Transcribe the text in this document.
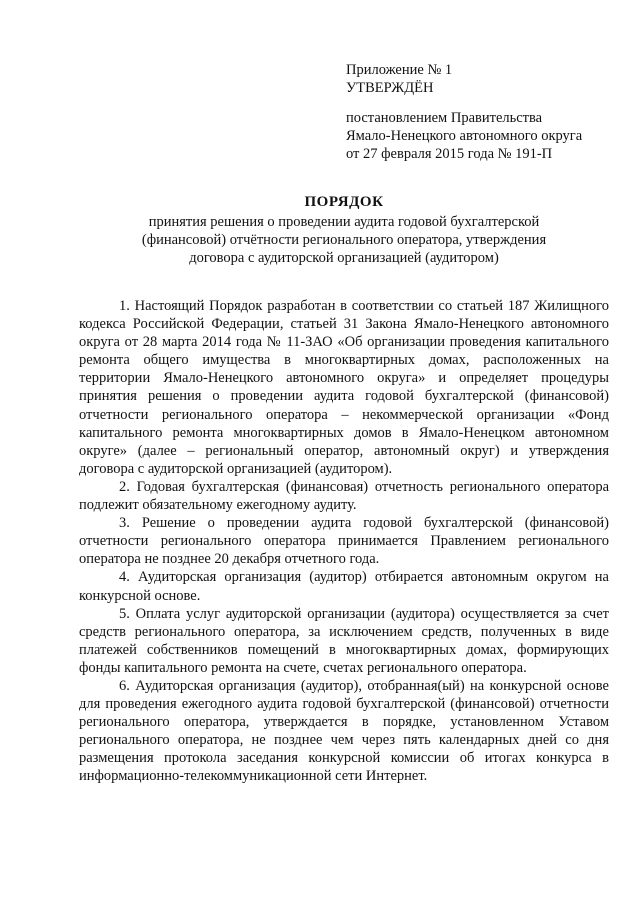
Приложение № 1
УТВЕРЖДЁН
постановлением Правительства
Ямало-Ненецкого автономного округа
от 27 февраля 2015 года № 191-П
ПОРЯДОК
принятия решения о проведении аудита годовой бухгалтерской (финансовой) отчётности регионального оператора, утверждения договора с аудиторской организацией (аудитором)

1. Настоящий Порядок разработан в соответствии со статьей 187 Жилищного кодекса Российской Федерации, статьей 31 Закона Ямало-Ненецкого автономного округа от 28 марта 2014 года № 11-ЗАО «Об организации проведения капитального ремонта общего имущества в многоквартирных домах, расположенных на территории Ямало-Ненецкого автономного округа» и определяет процедуры принятия решения о проведении аудита годовой бухгалтерской (финансовой) отчетности регионального оператора – некоммерческой организации «Фонд капитального ремонта многоквартирных домов в Ямало-Ненецком автономном округе» (далее – региональный оператор, автономный округ) и утверждения договора с аудиторской организацией (аудитором).

2. Годовая бухгалтерская (финансовая) отчетность регионального оператора подлежит обязательному ежегодному аудиту.

3. Решение о проведении аудита годовой бухгалтерской (финансовой) отчетности регионального оператора принимается Правлением регионального оператора не позднее 20 декабря отчетного года.

4. Аудиторская организация (аудитор) отбирается автономным округом на конкурсной основе.

5. Оплата услуг аудиторской организации (аудитора) осуществляется за счет средств регионального оператора, за исключением средств, полученных в виде платежей собственников помещений в многоквартирных домах, формирующих фонды капитального ремонта на счете, счетах регионального оператора.

6. Аудиторская организация (аудитор), отобранная(ый) на конкурсной основе для проведения ежегодного аудита годовой бухгалтерской (финансовой) отчетности регионального оператора, утверждается в порядке, установленном Уставом регионального оператора, не позднее чем через пять календарных дней со дня размещения протокола заседания конкурсной комиссии об итогах конкурса в информационно-телекоммуникационной сети Интернет.
